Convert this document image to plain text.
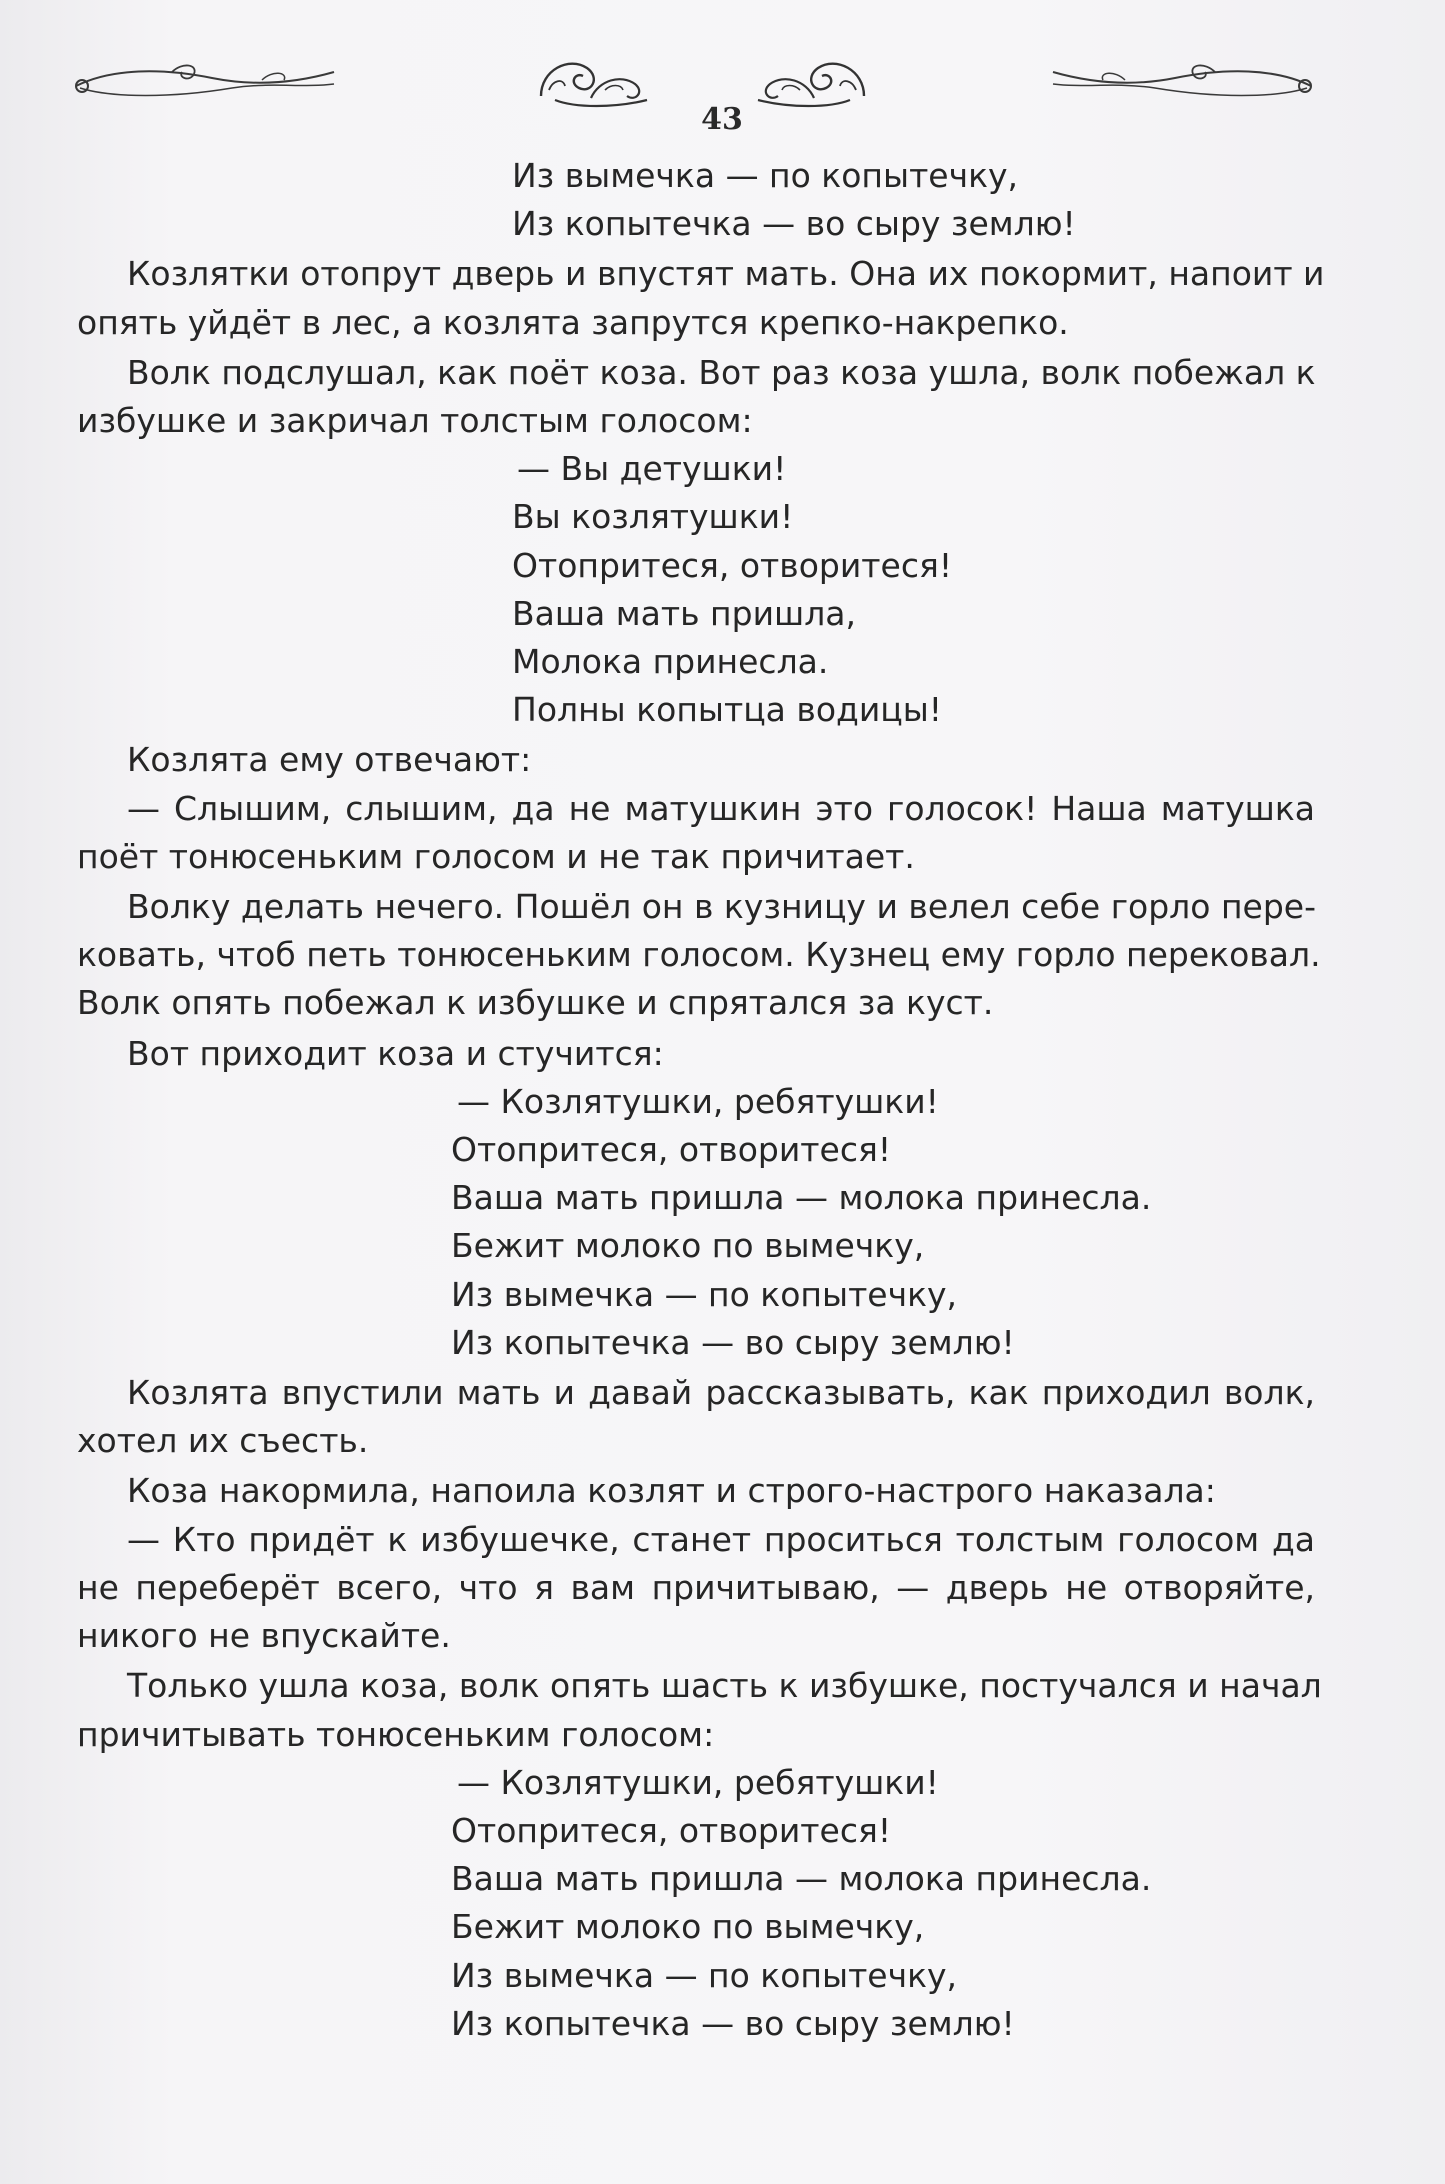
43
Из вымечка — по копытечку,
Из копытечка — во сыру землю!
Козлятки отопрут дверь и впустят мать. Она их покормит, напоит и
опять уйдёт в лес, а козлята запрутся крепко-накрепко.
Волк подслушал, как поёт коза. Вот раз коза ушла, волк побежал к
избушке и закричал толстым голосом:
— Вы детушки!
Вы козлятушки!
Отопритеся, отворитеся!
Ваша мать пришла,
Молока принесла.
Полны копытца водицы!
Козлята ему отвечают:
— Слышим, слышим, да не матушкин это голосок! Наша матушка
поёт тонюсеньким голосом и не так причитает.
Волку делать нечего. Пошёл он в кузницу и велел себе горло пере-
ковать, чтоб петь тонюсеньким голосом. Кузнец ему горло перековал.
Волк опять побежал к избушке и спрятался за куст.
Вот приходит коза и стучится:
— Козлятушки, ребятушки!
Отопритеся, отворитеся!
Ваша мать пришла — молока принесла.
Бежит молоко по вымечку,
Из вымечка — по копытечку,
Из копытечка — во сыру землю!
Козлята впустили мать и давай рассказывать, как приходил волк,
хотел их съесть.
Коза накормила, напоила козлят и строго-настрого наказала:
— Кто придёт к избушечке, станет проситься толстым голосом да
не переберёт всего, что я вам причитываю, — дверь не отворяйте,
никого не впускайте.
Только ушла коза, волк опять шасть к избушке, постучался и начал
причитывать тонюсеньким голосом:
— Козлятушки, ребятушки!
Отопритеся, отворитеся!
Ваша мать пришла — молока принесла.
Бежит молоко по вымечку,
Из вымечка — по копытечку,
Из копытечка — во сыру землю!
